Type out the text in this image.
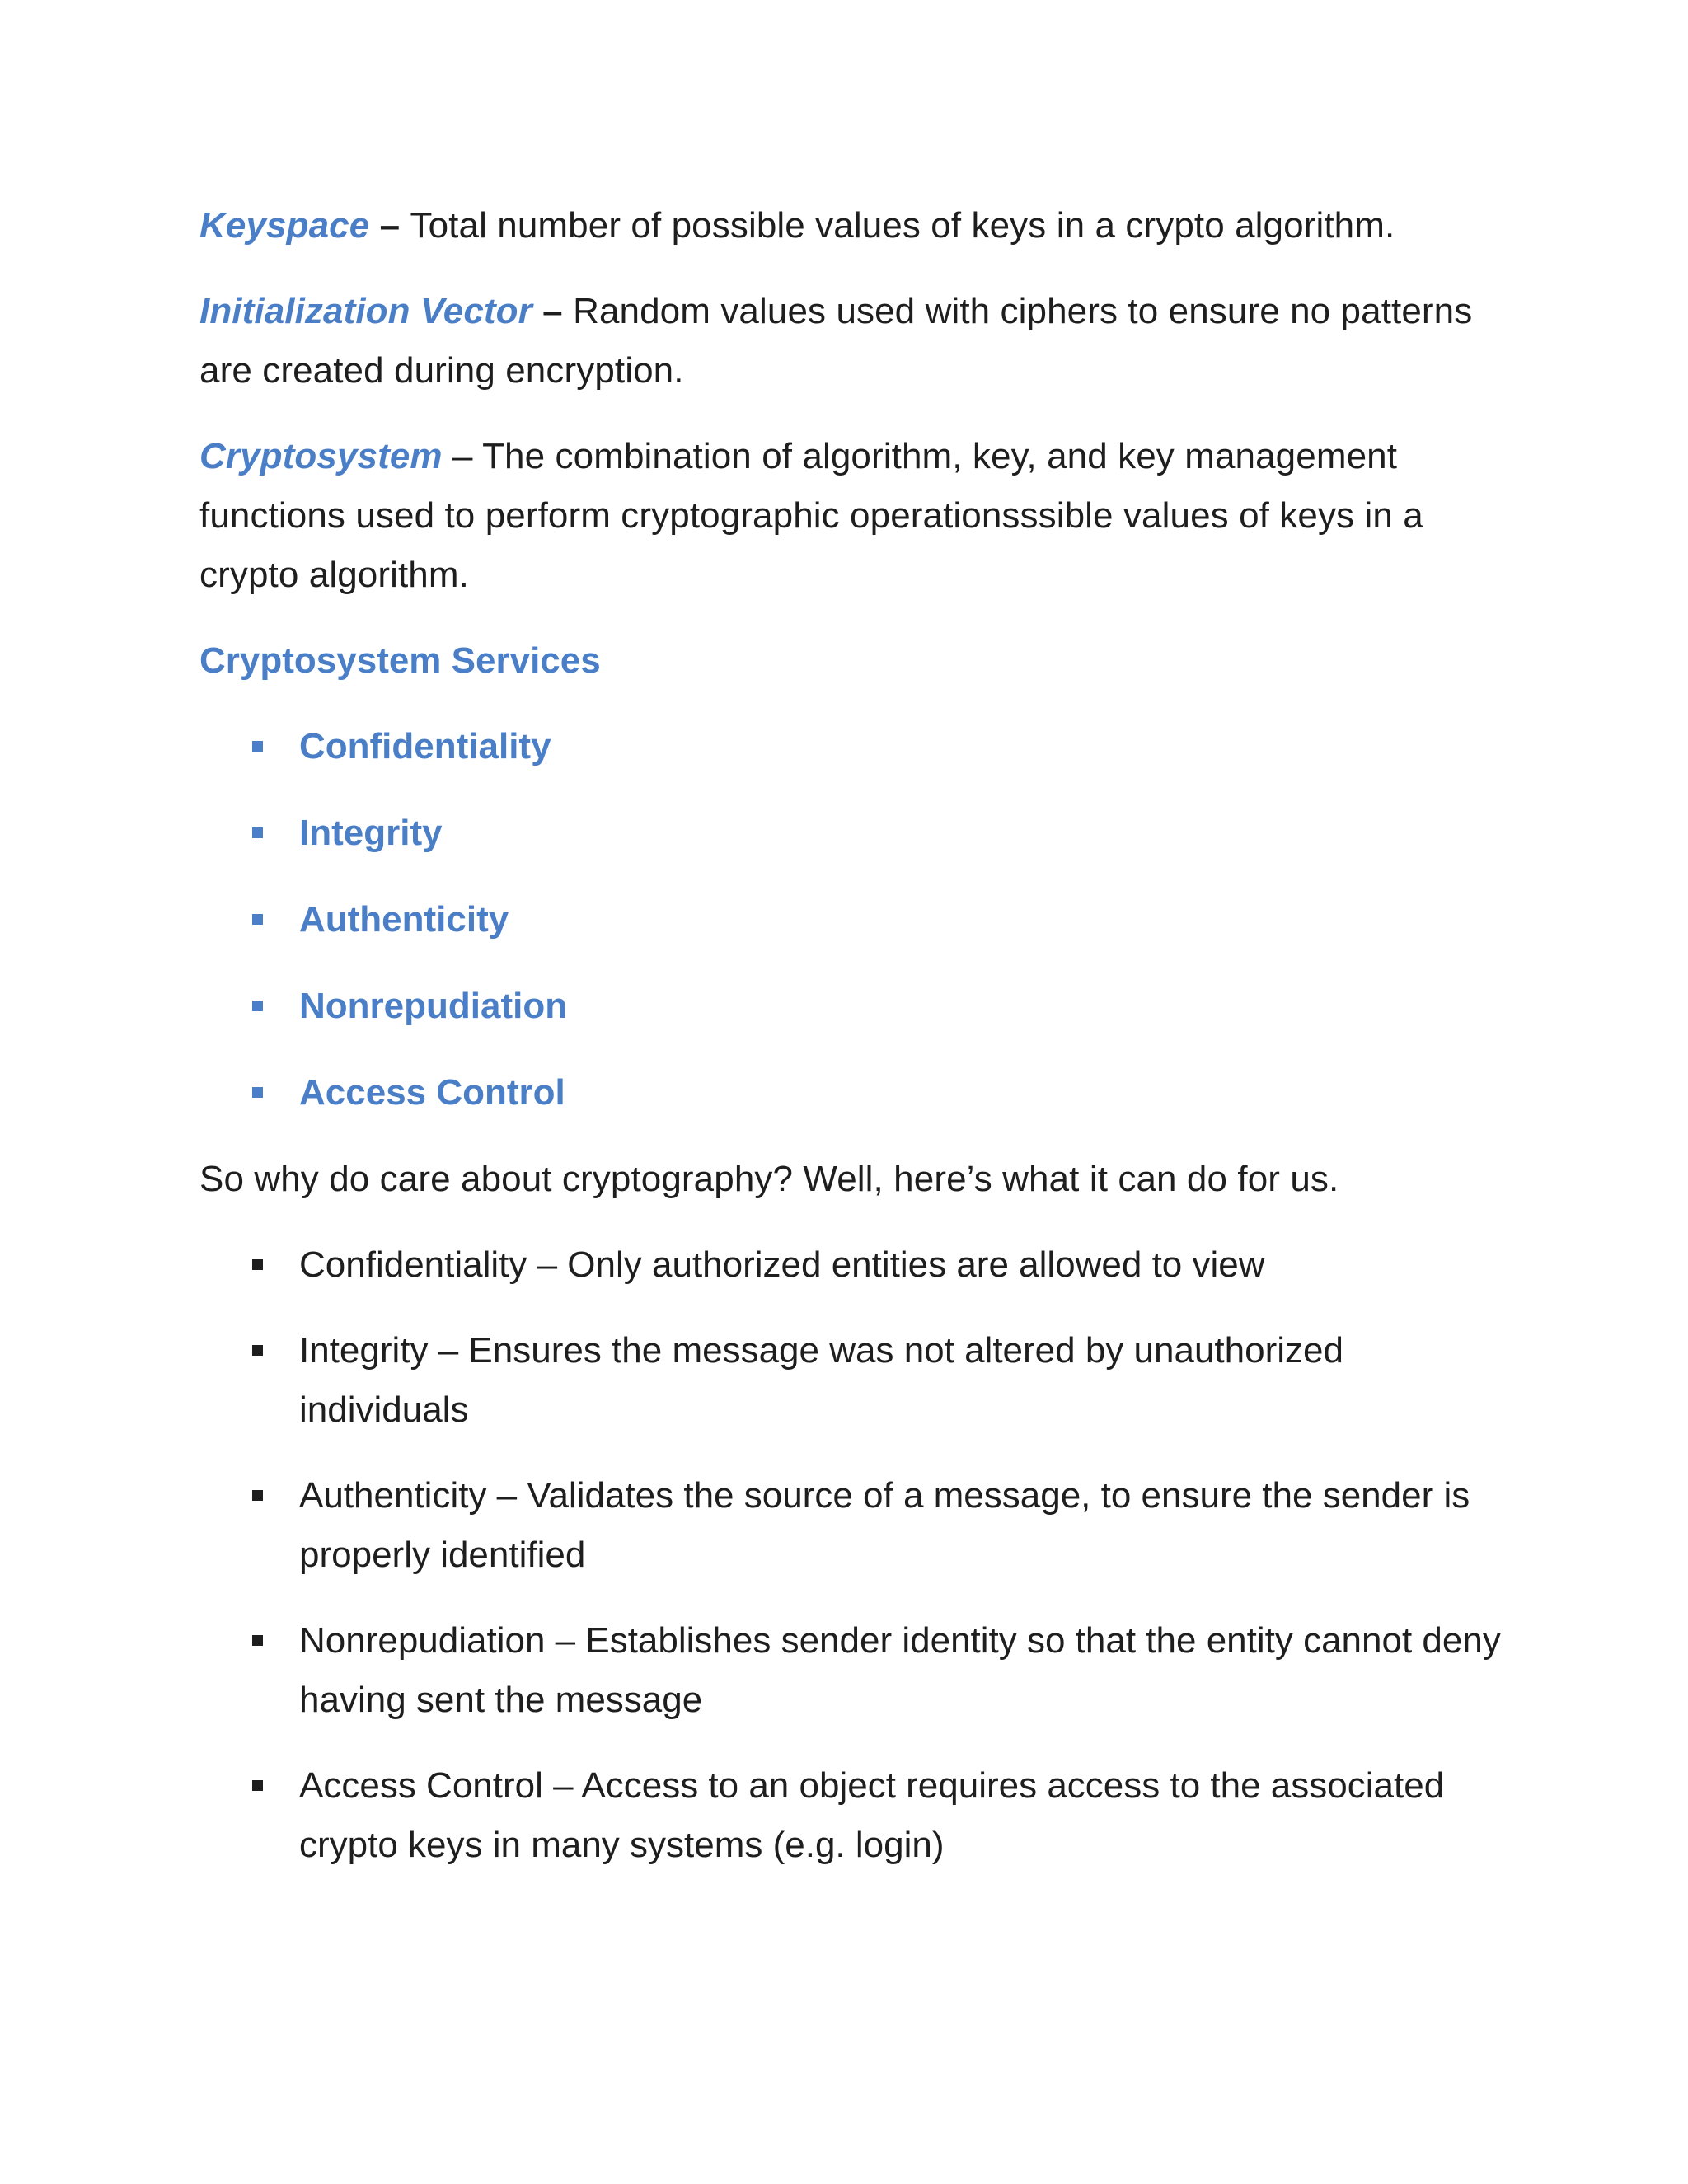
Keyspace – Total number of possible values of keys in a crypto algorithm.

Initialization Vector – Random values used with ciphers to ensure no patterns are created during encryption.

Cryptosystem – The combination of algorithm, key, and key management functions used to perform cryptographic operationsssible values of keys in a crypto algorithm.

Cryptosystem Services
Confidentiality
Integrity
Authenticity
Nonrepudiation
Access Control

So why do care about cryptography? Well, here’s what it can do for us.

Confidentiality – Only authorized entities are allowed to view
Integrity – Ensures the message was not altered by unauthorized individuals
Authenticity – Validates the source of a message, to ensure the sender is properly identified
Nonrepudiation – Establishes sender identity so that the entity cannot deny having sent the message
Access Control – Access to an object requires access to the associated crypto keys in many systems (e.g. login)
